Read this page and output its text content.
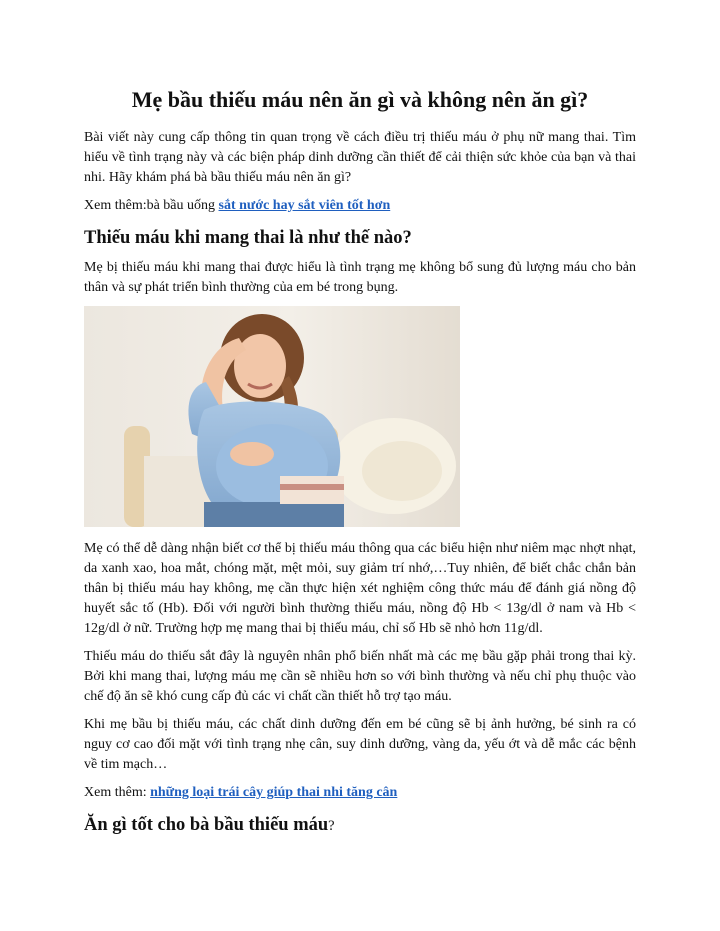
Mẹ bầu thiếu máu nên ăn gì và không nên ăn gì?

Bài viết này cung cấp thông tin quan trọng về cách điều trị thiếu máu ở phụ nữ mang thai. Tìm hiểu về tình trạng này và các biện pháp dinh dưỡng cần thiết để cải thiện sức khỏe của bạn và thai nhi. Hãy khám phá bà bầu thiếu máu nên ăn gì?

Xem thêm:bà bầu uống sắt nước hay sắt viên tốt hơn

Thiếu máu khi mang thai là như thế nào?

Mẹ bị thiếu máu khi mang thai được hiểu là tình trạng mẹ không bổ sung đủ lượng máu cho bản thân và sự phát triển bình thường của em bé trong bụng.

Mẹ có thể dễ dàng nhận biết cơ thể bị thiếu máu thông qua các biểu hiện như niêm mạc nhợt nhạt, da xanh xao, hoa mắt, chóng mặt, mệt mỏi, suy giảm trí nhớ,…Tuy nhiên, để biết chắc chắn bản thân bị thiếu máu hay không, mẹ cần thực hiện xét nghiệm công thức máu để đánh giá nồng độ huyết sắc tố (Hb). Đối với người bình thường thiếu máu, nồng độ Hb < 13g/dl ở nam và Hb < 12g/dl ở nữ. Trường hợp mẹ mang thai bị thiếu máu, chỉ số Hb sẽ nhỏ hơn 11g/dl.

Thiếu máu do thiếu sắt đây là nguyên nhân phổ biến nhất mà các mẹ bầu gặp phải trong thai kỳ. Bởi khi mang thai, lượng máu mẹ cần sẽ nhiều hơn so với bình thường và nếu chỉ phụ thuộc vào chế độ ăn sẽ khó cung cấp đủ các vi chất cần thiết hỗ trợ tạo máu.

Khi mẹ bầu bị thiếu máu, các chất dinh dưỡng đến em bé cũng sẽ bị ảnh hưởng, bé sinh ra có nguy cơ cao đối mặt với tình trạng nhẹ cân, suy dinh dưỡng, vàng da, yếu ớt và dễ mắc các bệnh về tim mạch…

Xem thêm: những loại trái cây giúp thai nhi tăng cân

Ăn gì tốt cho bà bầu thiếu máu?
